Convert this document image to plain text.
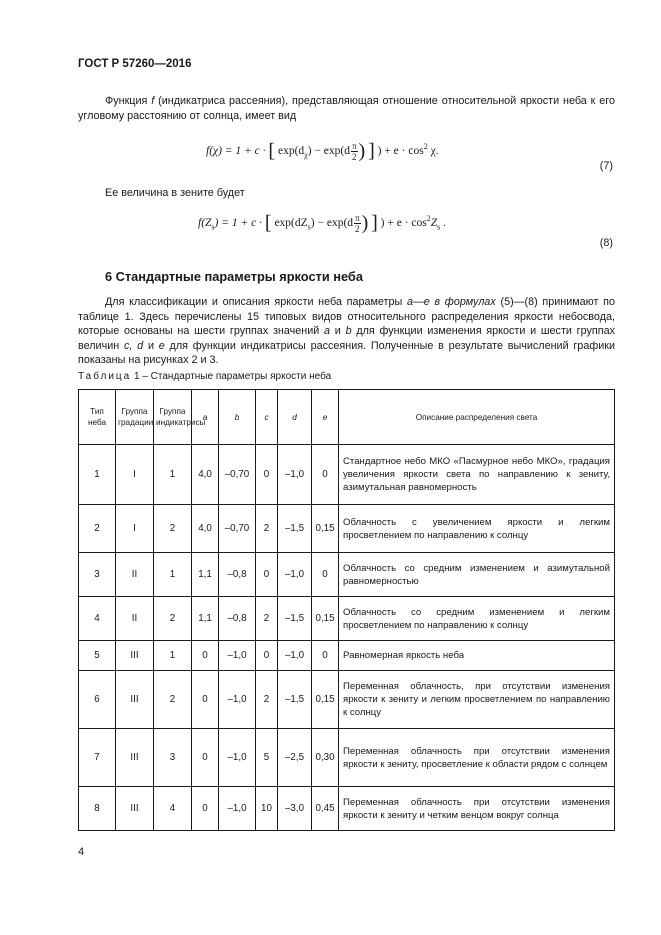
ГОСТ Р 57260—2016
Функция f (индикатриса рассеяния), представляющая отношение относительной яркости неба к его угловому расстоянию от солнца, имеет вид
f(χ) = 1 + c · [ $\exp(d_\chi) - \exp(d \frac{\pi}{2}$ ) ] ) + $e \cdot \cos^2 \chi$.
(7)
Ее величина в зените будет
$f(Z_s) = 1 + c$ · [ $\exp(dZ_s) - \exp(d \frac{\pi}{2}$ ) ] ) + $e \cdot \cos^2Z_s$ .
(8)
6 Стандартные параметры яркости неба
Для классификации и описания яркости неба параметры a—e в формулах (5)—(8) принимают по таблице 1. Здесь перечислены 15 типовых видов относительного распределения яркости небосвода, которые основаны на шести группах значений a и b для функции изменения яркости и шести группах величин c, d и e для функции индикатрисы рассеяния. Полученные в результате вычислений графики показаны на рисунках 2 и 3.
Таблица 1 – Стандартные параметры яркости неба
Тип неба	Группа градации	Группа индикатрисы	a	b	c	d	e	Описание распределения света
1	I	1	4,0	–0,70	0	–1,0	0	Стандартное небо МКО «Пасмурное небо МКО», градация увеличения яркости света по направлению к зениту, азимутальная равномерность
2	I	2	4,0	–0,70	2	–1,5	0,15	Облачность с увеличением яркости и легким просветлением по направлению к солнцу
3	II	1	1,1	–0,8	0	–1,0	0	Облачность со средним изменением и азимутальной равномерностью
4	II	2	1,1	–0,8	2	–1,5	0,15	Облачность со средним изменением и легким просветлением по направлению к солнцу
5	III	1	0	–1,0	0	–1,0	0	Равномерная яркость неба
6	III	2	0	–1,0	2	–1,5	0,15	Переменная облачность, при отсутствии изменения яркости к зениту и легким просветлением по направлению к солнцу
7	III	3	0	–1,0	5	–2,5	0,30	Переменная облачность при отсутствии изменения яркости к зениту, просветление к области рядом с солнцем
8	III	4	0	–1,0	10	–3,0	0,45	Переменная облачность при отсутствии изменения яркости к зениту и четким венцом вокруг солнца
4
